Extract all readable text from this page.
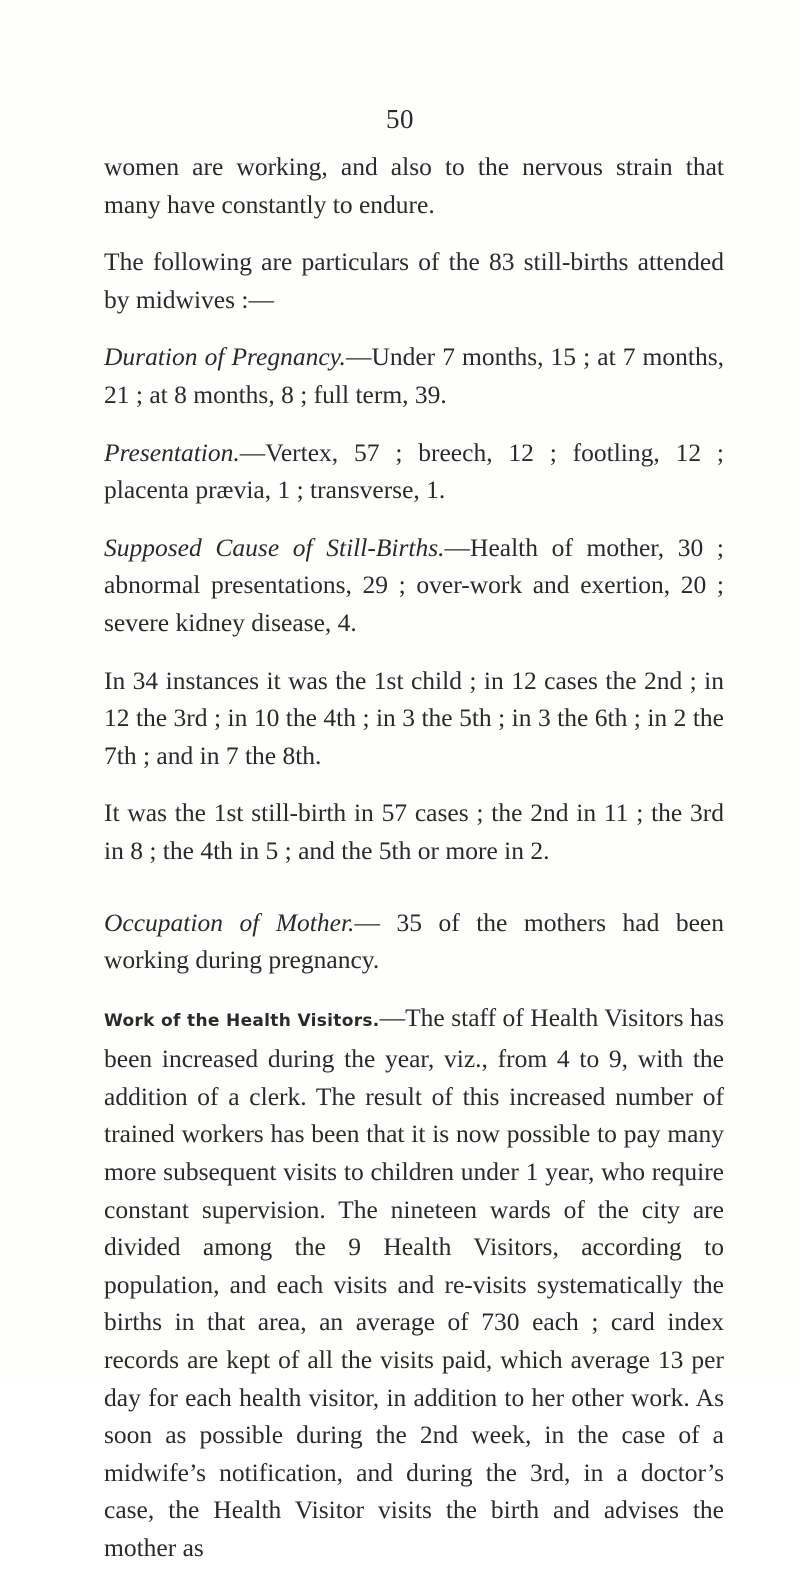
50

women are working, and also to the nervous strain that many have constantly to endure.

The following are particulars of the 83 still-births attended by midwives :—

Duration of Pregnancy.—Under 7 months, 15 ; at 7 months, 21 ; at 8 months, 8 ; full term, 39.

Presentation.—Vertex, 57 ; breech, 12 ; footling, 12 ; placenta prævia, 1 ; transverse, 1.

Supposed Cause of Still-Births.—Health of mother, 30 ; abnormal presentations, 29 ; over-work and exertion, 20 ; severe kidney disease, 4.

In 34 instances it was the 1st child ; in 12 cases the 2nd ; in 12 the 3rd ; in 10 the 4th ; in 3 the 5th ; in 3 the 6th ; in 2 the 7th ; and in 7 the 8th.

It was the 1st still-birth in 57 cases ; the 2nd in 11 ; the 3rd in 8 ; the 4th in 5 ; and the 5th or more in 2.

Occupation of Mother.— 35 of the mothers had been working during pregnancy.

Work of the Health Visitors.—The staff of Health Visitors has been increased during the year, viz., from 4 to 9, with the addition of a clerk. The result of this increased number of trained workers has been that it is now possible to pay many more subsequent visits to children under 1 year, who require constant supervision. The nineteen wards of the city are divided among the 9 Health Visitors, according to population, and each visits and re-visits systematically the births in that area, an average of 730 each ; card index records are kept of all the visits paid, which average 13 per day for each health visitor, in addition to her other work. As soon as possible during the 2nd week, in the case of a midwife’s notification, and during the 3rd, in a doctor’s case, the Health Visitor visits the birth and advises the mother as
